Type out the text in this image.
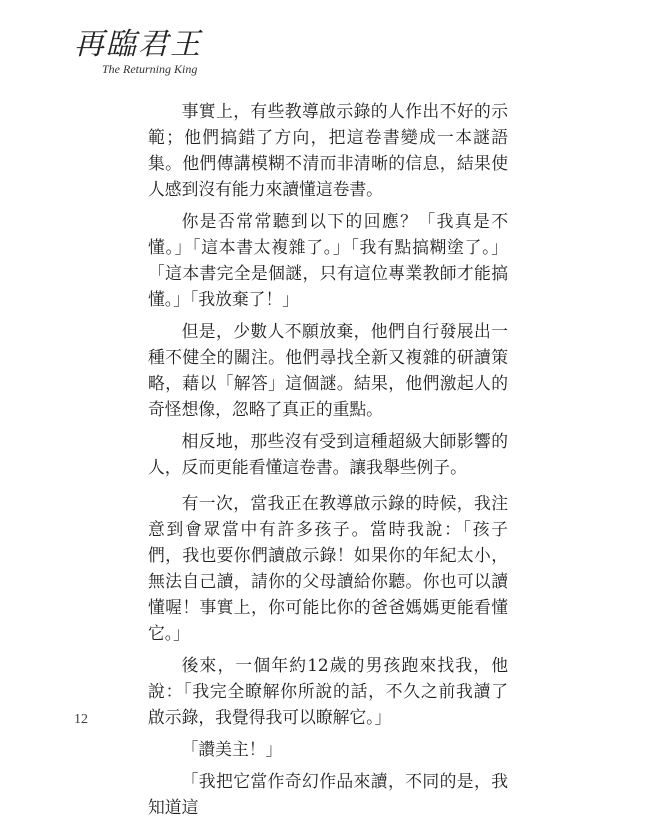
再臨君王
The Returning King

事實上，有些教導啟示錄的人作出不好的示範；他們搞錯了方向，把這卷書變成一本謎語集。他們傳講模糊不清而非清晰的信息，結果使人感到沒有能力來讀懂這卷書。

你是否常常聽到以下的回應？「我真是不懂。」「這本書太複雜了。」「我有點搞糊塗了。」「這本書完全是個謎，只有這位專業教師才能搞懂。」「我放棄了！」

但是，少數人不願放棄，他們自行發展出一種不健全的關注。他們尋找全新又複雜的研讀策略，藉以「解答」這個謎。結果，他們激起人的奇怪想像，忽略了真正的重點。

相反地，那些沒有受到這種超級大師影響的人，反而更能看懂這卷書。讓我舉些例子。

有一次，當我正在教導啟示錄的時候，我注意到會眾當中有許多孩子。當時我說：「孩子們，我也要你們讀啟示錄！如果你的年紀太小，無法自己讀，請你的父母讀給你聽。你也可以讀懂喔！事實上，你可能比你的爸爸媽媽更能看懂它。」

後來，一個年約12歲的男孩跑來找我，他說：「我完全瞭解你所說的話，不久之前我讀了啟示錄，我覺得我可以瞭解它。」

「讚美主！」

「我把它當作奇幻作品來讀，不同的是，我知道這

12
